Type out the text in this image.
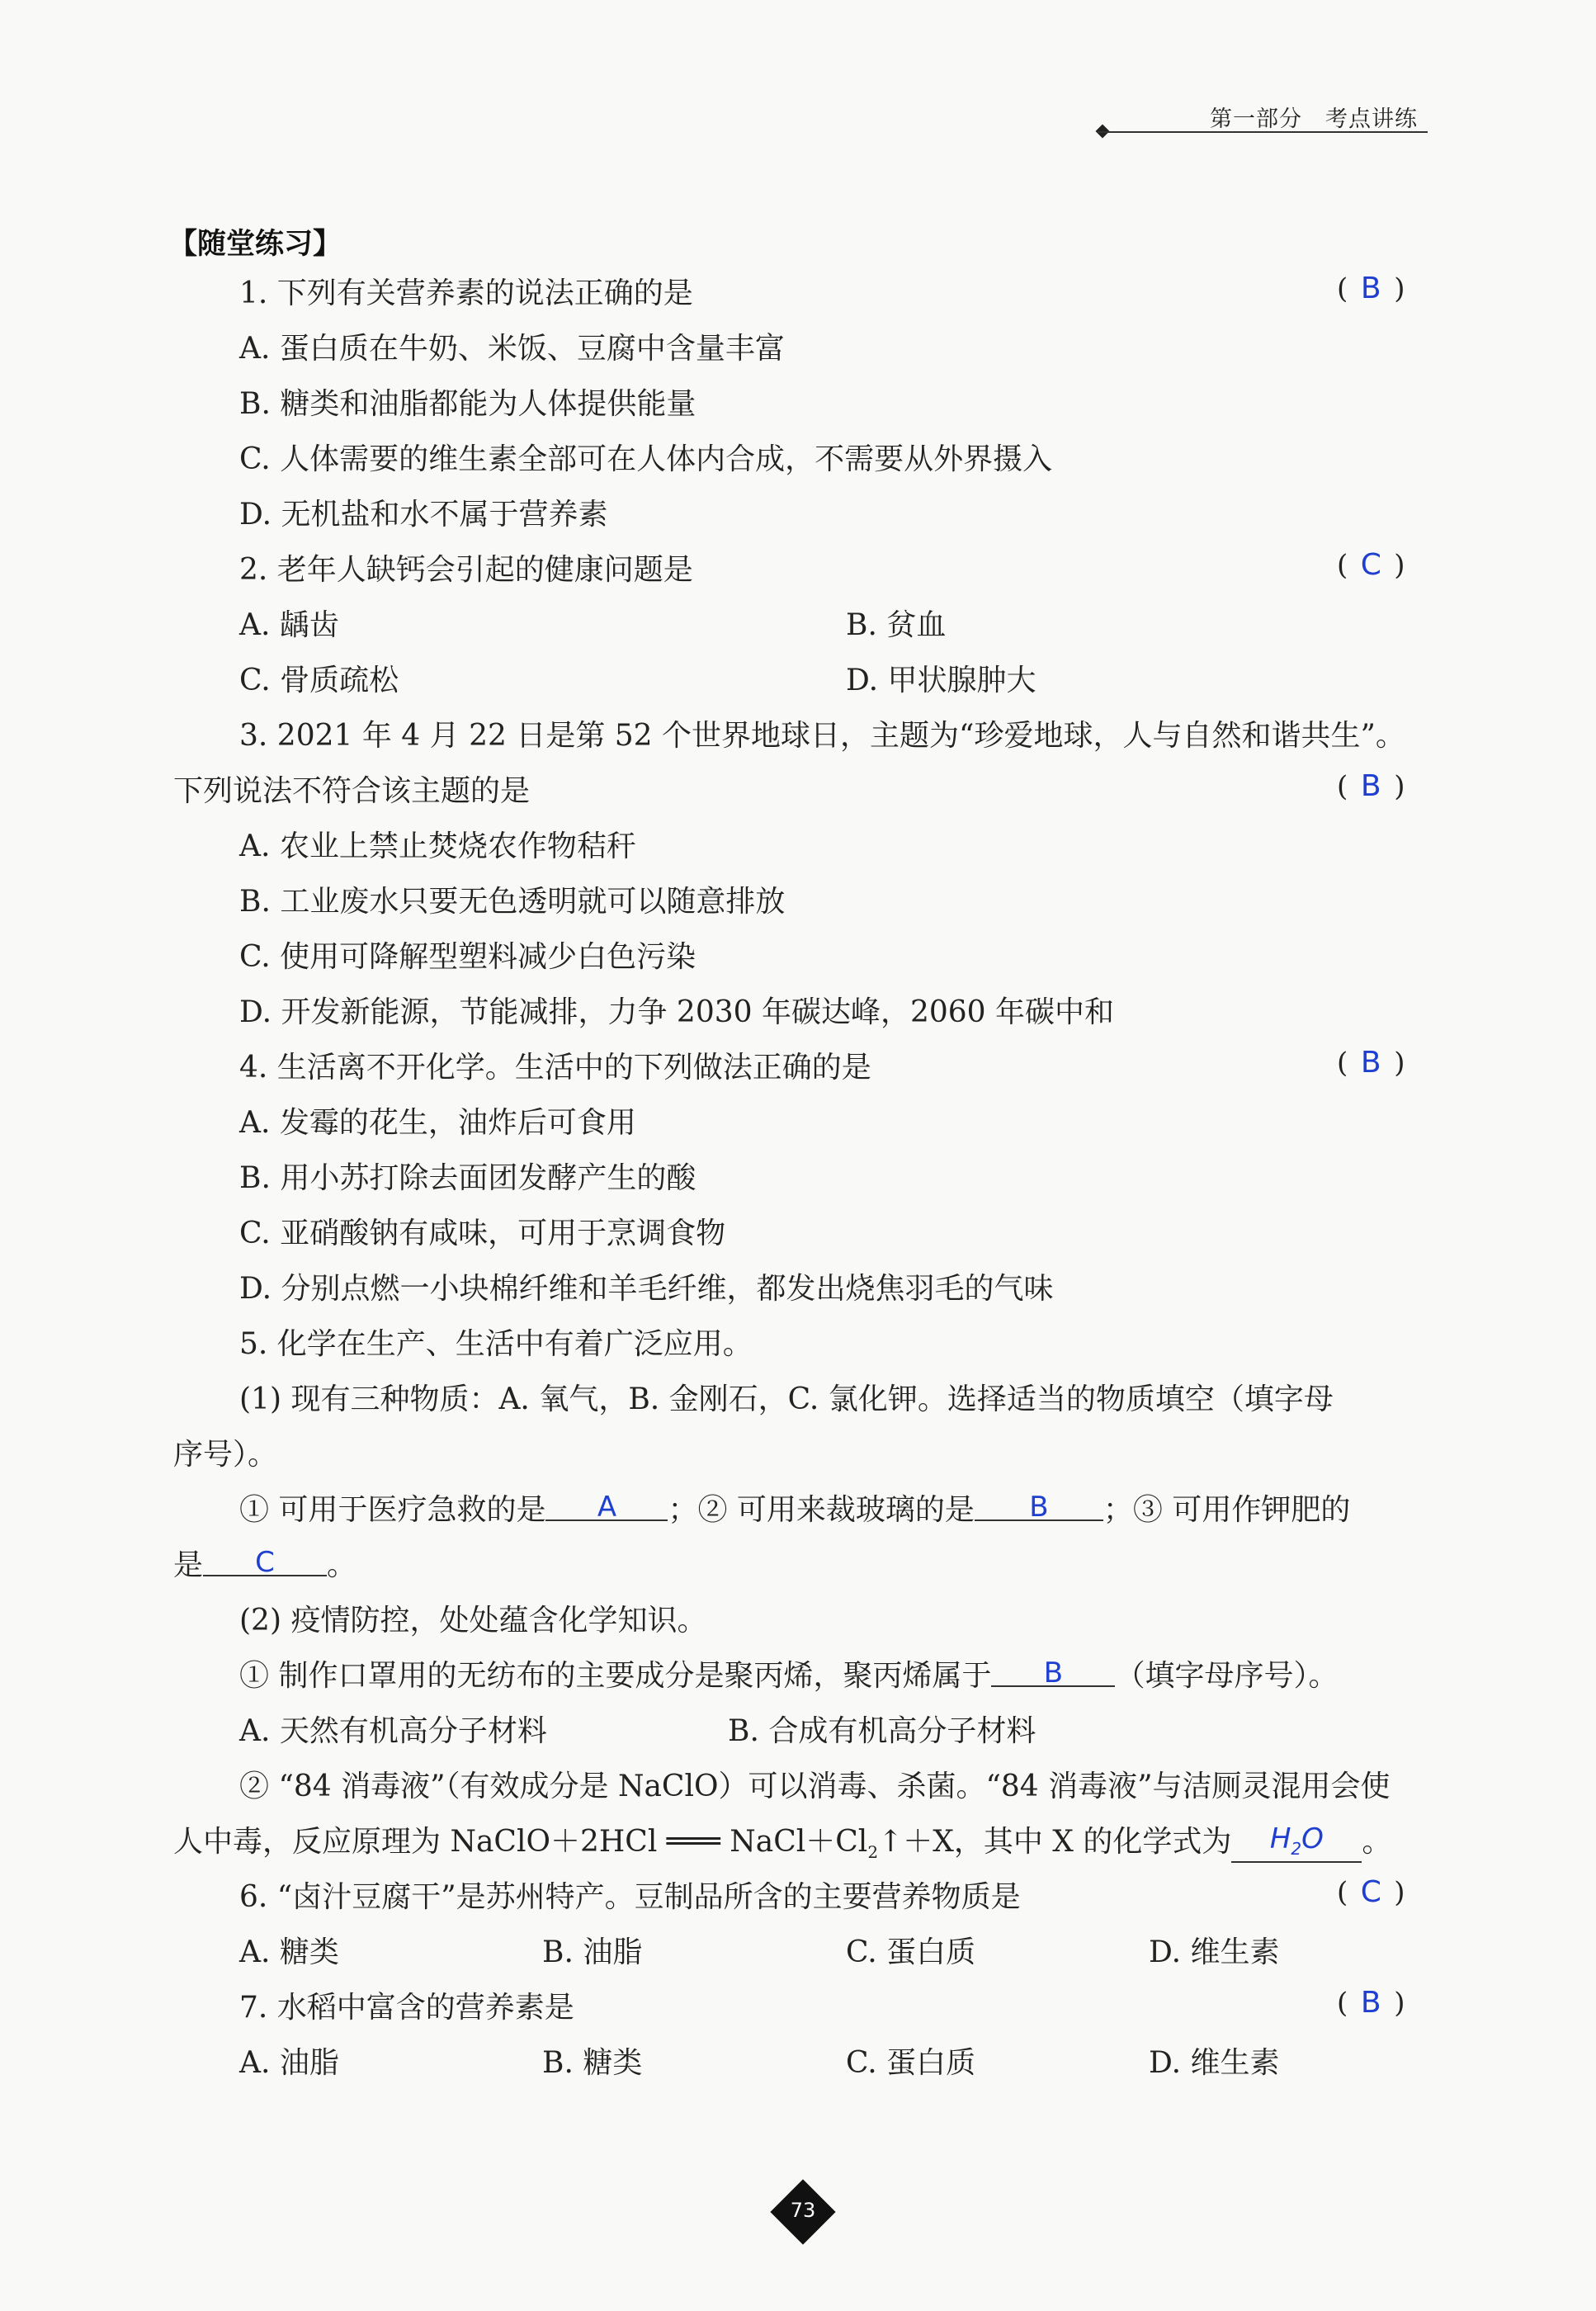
第一部分　考点讲练
【随堂练习】
1. 下列有关营养素的说法正确的是	( B )
A. 蛋白质在牛奶、米饭、豆腐中含量丰富
B. 糖类和油脂都能为人体提供能量
C. 人体需要的维生素全部可在人体内合成，不需要从外界摄入
D. 无机盐和水不属于营养素
2. 老年人缺钙会引起的健康问题是	( C )
A. 龋齿	B. 贫血
C. 骨质疏松	D. 甲状腺肿大
3. 2021 年 4 月 22 日是第 52 个世界地球日，主题为“珍爱地球，人与自然和谐共生”。
下列说法不符合该主题的是	( B )
A. 农业上禁止焚烧农作物秸秆
B. 工业废水只要无色透明就可以随意排放
C. 使用可降解型塑料减少白色污染
D. 开发新能源，节能减排，力争 2030 年碳达峰，2060 年碳中和
4. 生活离不开化学。生活中的下列做法正确的是	( B )
A. 发霉的花生，油炸后可食用
B. 用小苏打除去面团发酵产生的酸
C. 亚硝酸钠有咸味，可用于烹调食物
D. 分别点燃一小块棉纤维和羊毛纤维，都发出烧焦羽毛的气味
5. 化学在生产、生活中有着广泛应用。
(1) 现有三种物质：A. 氧气，B. 金刚石，C. 氯化钾。选择适当的物质填空（填字母
序号）。
① 可用于医疗急救的是 A ；② 可用来裁玻璃的是 B ；③ 可用作钾肥的
是 C 。
(2) 疫情防控，处处蕴含化学知识。
① 制作口罩用的无纺布的主要成分是聚丙烯，聚丙烯属于 B （填字母序号）。
A. 天然有机高分子材料	B. 合成有机高分子材料
② “84 消毒液”（有效成分是 NaClO）可以消毒、杀菌。“84 消毒液”与洁厕灵混用会使
人中毒，反应原理为 NaClO＋2HCl ═══ $NaCl+Cl_2↑+X$，其中 X 的化学式为 $H_2O$ 。
6. “卤汁豆腐干”是苏州特产。豆制品所含的主要营养物质是	( C )
A. 糖类	B. 油脂	C. 蛋白质	D. 维生素
7. 水稻中富含的营养素是	( B )
A. 油脂	B. 糖类	C. 蛋白质	D. 维生素
73
